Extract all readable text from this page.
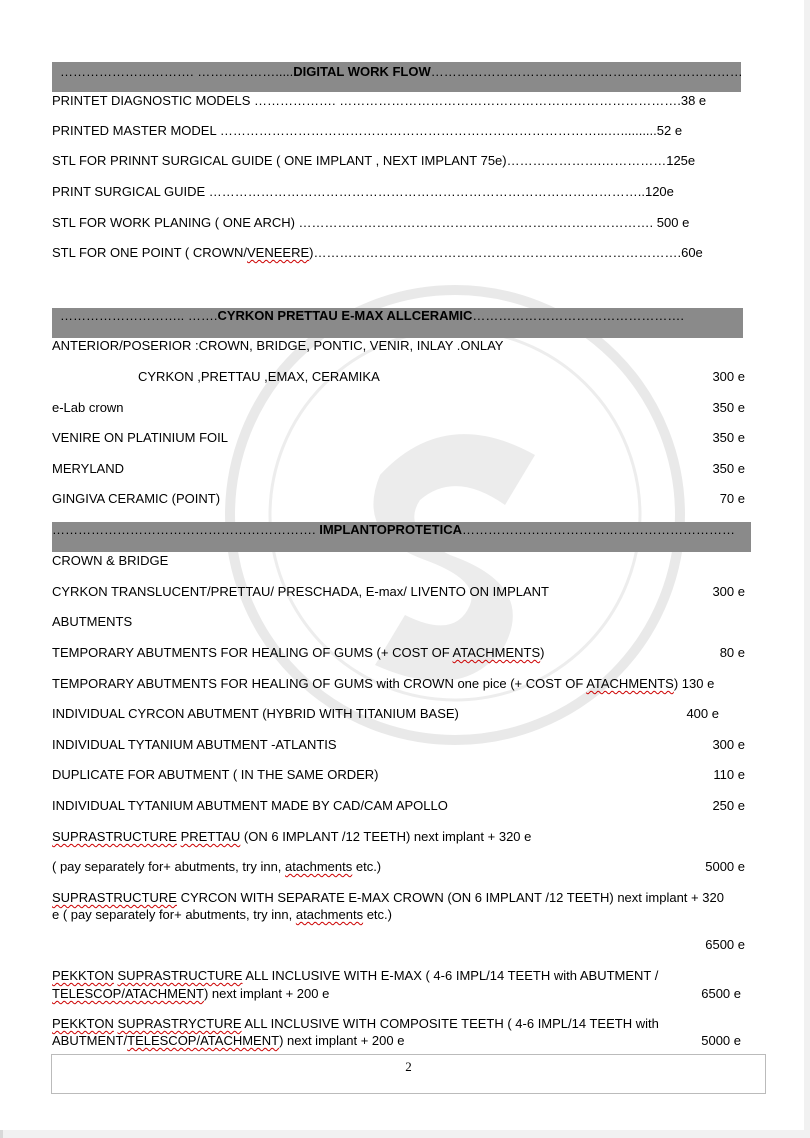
…………………………. ……………….....DIGITAL WORK FLOW………………………………………………………………
PRINTET DIAGNOSTIC MODELS ………………. …………………………………………………………………….38 e
PRINTED MASTER MODEL ……………………………………………………………………………...…..........52 e
STL FOR PRINNT SURGICAL GUIDE ( ONE IMPLANT , NEXT IMPLANT 75e)………………….……………125e
PRINT SURGICAL GUIDE ………………………………………………………………………………………..120e
STL FOR WORK PLANING ( ONE ARCH) ………………………………………………………………………. 500 e
STL FOR ONE POINT ( CROWN/VENEERE)………………………………………………………………………….60e
……………………….. …….CYRKON PRETTAU E-MAX ALLCERAMIC………………………………………….
ANTERIOR/POSERIOR :CROWN, BRIDGE, PONTIC, VENIR, INLAY .ONLAY
CYRKON ,PRETTAU ,EMAX, CERAMIKA	300 e
e-Lab crown	350 e
VENIRE ON PLATINIUM FOIL	350 e
MERYLAND	350 e
GINGIVA CERAMIC (POINT)	70 e
……………………………………………………. IMPLANTOPROTETICA………………………………………………………
CROWN & BRIDGE
CYRKON TRANSLUCENT/PRETTAU/ PRESCHADA, E-max/ LIVENTO ON IMPLANT	300 e
ABUTMENTS
TEMPORARY ABUTMENTS FOR HEALING OF GUMS (+ COST OF ATACHMENTS)	80 e
TEMPORARY ABUTMENTS FOR HEALING OF GUMS with CROWN one pice (+ COST OF ATACHMENTS) 130 e
INDIVIDUAL CYRCON ABUTMENT (HYBRID WITH TITANIUM BASE)	400 e
INDIVIDUAL TYTANIUM ABUTMENT -ATLANTIS	300 e
DUPLICATE FOR ABUTMENT ( IN THE SAME ORDER)	110 e
INDIVIDUAL TYTANIUM ABUTMENT MADE BY CAD/CAM APOLLO	250 e
SUPRASTRUCTURE PRETTAU (ON 6 IMPLANT /12 TEETH) next implant + 320 e
( pay separately for+ abutments, try inn, atachments etc.)	5000 e
SUPRASTRUCTURE CYRCON WITH SEPARATE E-MAX CROWN (ON 6 IMPLANT /12 TEETH) next implant + 320
e ( pay separately for+ abutments, try inn, atachments etc.)
6500 e
PEKKTON SUPRASTRUCTURE ALL INCLUSIVE WITH E-MAX ( 4-6 IMPL/14 TEETH with ABUTMENT /
TELESCOP/ATACHMENT) next implant + 200 e	6500 e
PEKKTON SUPRASTRYCTURE ALL INCLUSIVE WITH COMPOSITE TEETH ( 4-6 IMPL/14 TEETH with
ABUTMENT/TELESCOP/ATACHMENT) next implant + 200 e	5000 e
2
